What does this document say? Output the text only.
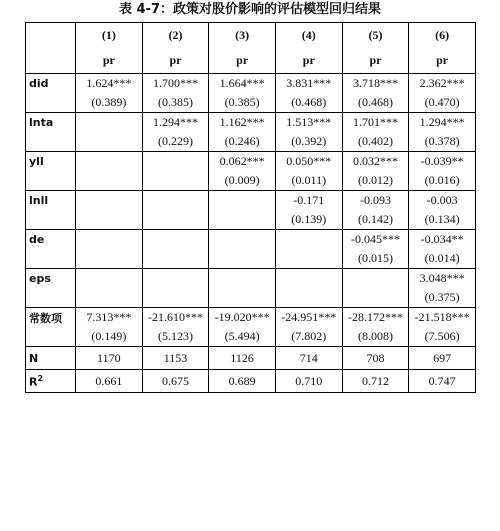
表 4-7：政策对股价影响的评估模型回归结果
	(1)	(2)	(3)	(4)	(5)	(6)
	pr	pr	pr	pr	pr	pr
did	1.624***	1.700***	1.664***	3.831***	3.718***	2.362***
	(0.389)	(0.385)	(0.385)	(0.468)	(0.468)	(0.470)
lnta		1.294***	1.162***	1.513***	1.701***	1.294***
		(0.229)	(0.246)	(0.392)	(0.402)	(0.378)
yll			0.062***	0.050***	0.032***	-0.039**
			(0.009)	(0.011)	(0.012)	(0.016)
lnll				-0.171	-0.093	-0.003
				(0.139)	(0.142)	(0.134)
de					-0.045***	-0.034**
					(0.015)	(0.014)
eps						3.048***
						(0.375)
常数项	7.313***	-21.610***	-19.020***	-24.951***	-28.172***	-21.518***
	(0.149)	(5.123)	(5.494)	(7.802)	(8.008)	(7.506)
N	1170	1153	1126	714	708	697
$R^2$	0.661	0.675	0.689	0.710	0.712	0.747
